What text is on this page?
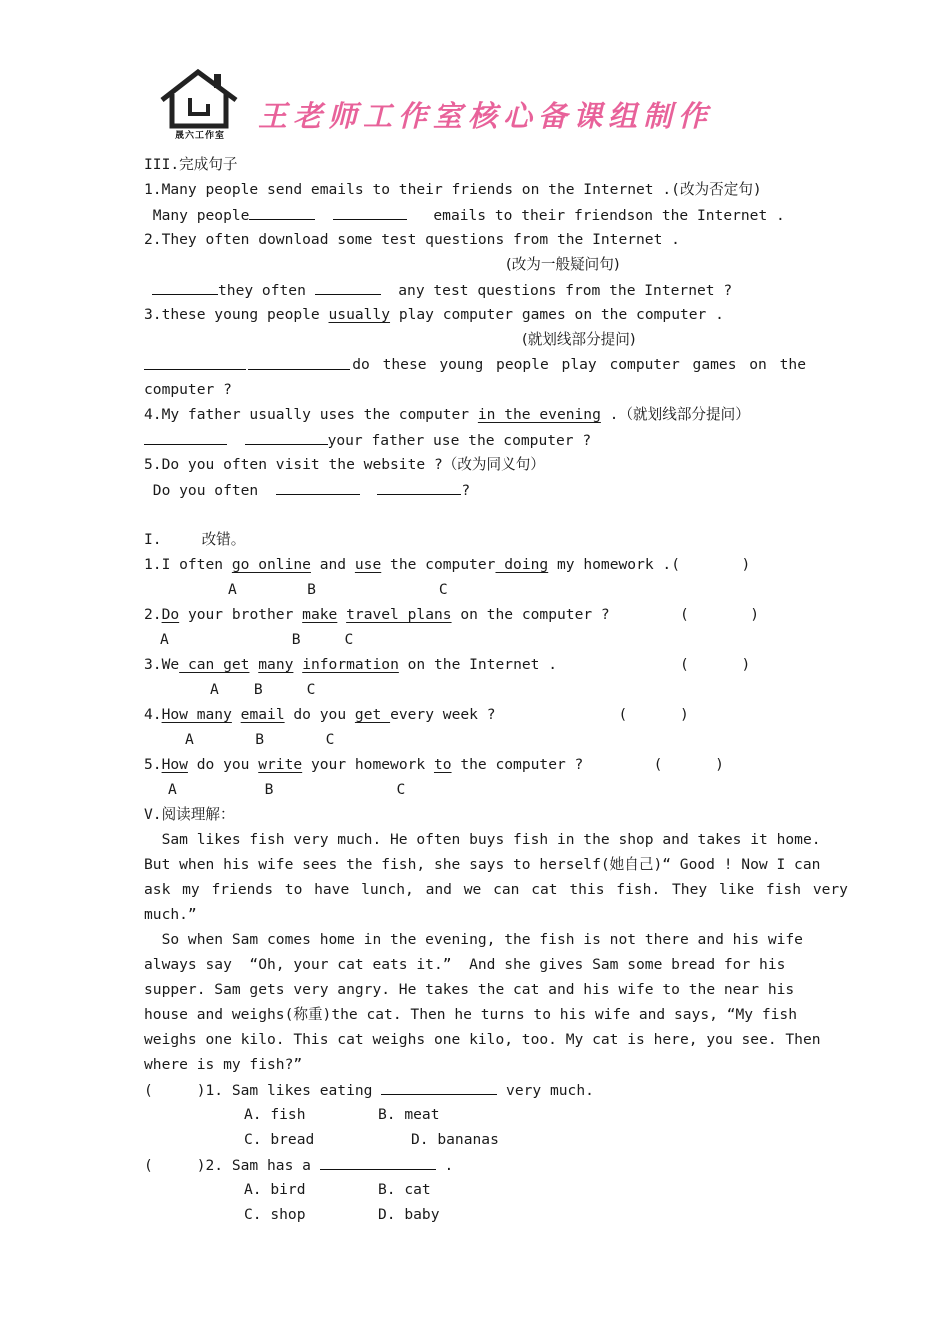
晟六工作室
王老师工作室核心备课组制作
III.完成句子
1.Many people send emails to their friends on the Internet .(改为否定句)
Many people	emails to their friendson the Internet .
2.They often download some test questions from the Internet .
(改为一般疑问句)
they often	any test questions from the Internet ?
3.these young people usually play computer games on the computer .
(就划线部分提问)
do these young people play computer games on the
computer ?
4.My father usually uses the computer in the evening .（就划线部分提问）
your father use the computer ?
5.Do you often visit the website ?（改为同义句）
Do you often	?
I.	改错。
1.I often go online and use the computer doing my homework .(       )
A        B              C
2.Do your brother make travel plans on the computer ?        (       )
A              B     C
3.We can get many information on the Internet .              (      )
A    B     C
4.How many email do you get every week ?              (      )
A       B       C
5.How do you write your homework to the computer ?        (      )
A          B              C
V.阅读理解：
Sam likes fish very much. He often buys fish in the shop and takes it home.
But when his wife sees the fish, she says to herself(她自己)“ Good ! Now I can
ask my friends to have lunch, and we can cat this fish. They like fish very
much.”
So when Sam comes home in the evening, the fish is not there and his wife
always say  “Oh, your cat eats it.”  And she gives Sam some bread for his
supper. Sam gets very angry. He takes the cat and his wife to the near his
house and weighs(称重)the cat. Then he turns to his wife and says, “My fish
weighs one kilo. This cat weighs one kilo, too. My cat is here, you see. Then
where is my fish?”
(     )1. Sam likes eating	very much.
A. fish	B. meat
C. bread	D. bananas
(     )2. Sam has a	.
A. bird	B. cat
C. shop	D. baby
